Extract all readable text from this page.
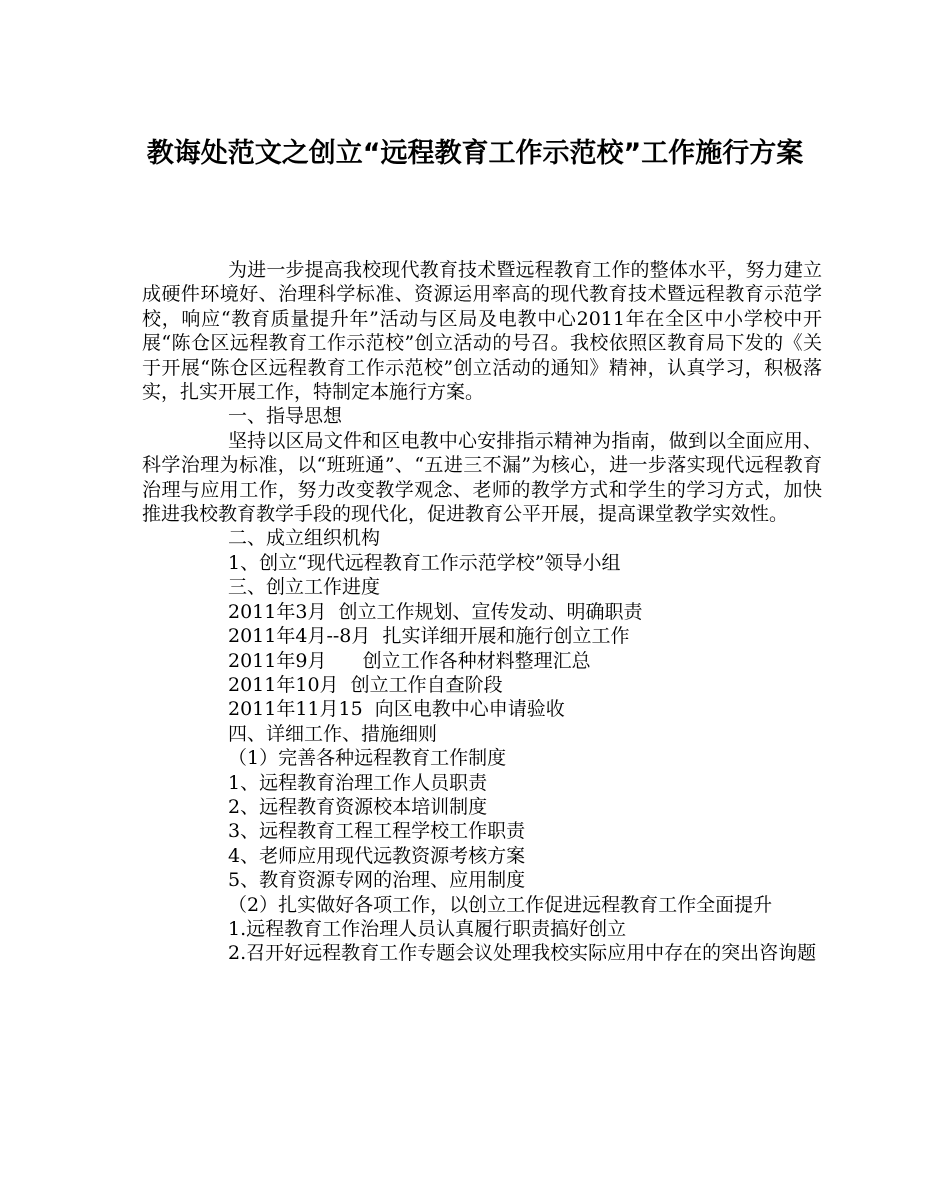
教诲处范文之创立“远程教育工作示范校”工作施行方案

为进一步提高我校现代教育技术暨远程教育工作的整体水平，努力建立成硬件环境好、治理科学标准、资源运用率高的现代教育技术暨远程教育示范学校，响应“教育质量提升年”活动与区局及电教中心2011年在全区中小学校中开展“陈仓区远程教育工作示范校”创立活动的号召。我校依照区教育局下发的《关于开展“陈仓区远程教育工作示范校”创立活动的通知》精神，认真学习，积极落实，扎实开展工作，特制定本施行方案。

一、指导思想

坚持以区局文件和区电教中心安排指示精神为指南，做到以全面应用、科学治理为标准，以“班班通”、“五进三不漏”为核心，进一步落实现代远程教育治理与应用工作，努力改变教学观念、老师的教学方式和学生的学习方式，加快推进我校教育教学手段的现代化，促进教育公平开展，提高课堂教学实效性。

二、成立组织机构

1、创立“现代远程教育工作示范学校”领导小组

三、创立工作进度

2011年3月  创立工作规划、宣传发动、明确职责

2011年4月--8月  扎实详细开展和施行创立工作

2011年9月      创立工作各种材料整理汇总

2011年10月  创立工作自查阶段

2011年11月15  向区电教中心申请验收

四、详细工作、措施细则

（1）完善各种远程教育工作制度

1、远程教育治理工作人员职责

2、远程教育资源校本培训制度

3、远程教育工程工程学校工作职责

4、老师应用现代远教资源考核方案

5、教育资源专网的治理、应用制度

（2）扎实做好各项工作，以创立工作促进远程教育工作全面提升

1.远程教育工作治理人员认真履行职责搞好创立

2.召开好远程教育工作专题会议处理我校实际应用中存在的突出咨询题
